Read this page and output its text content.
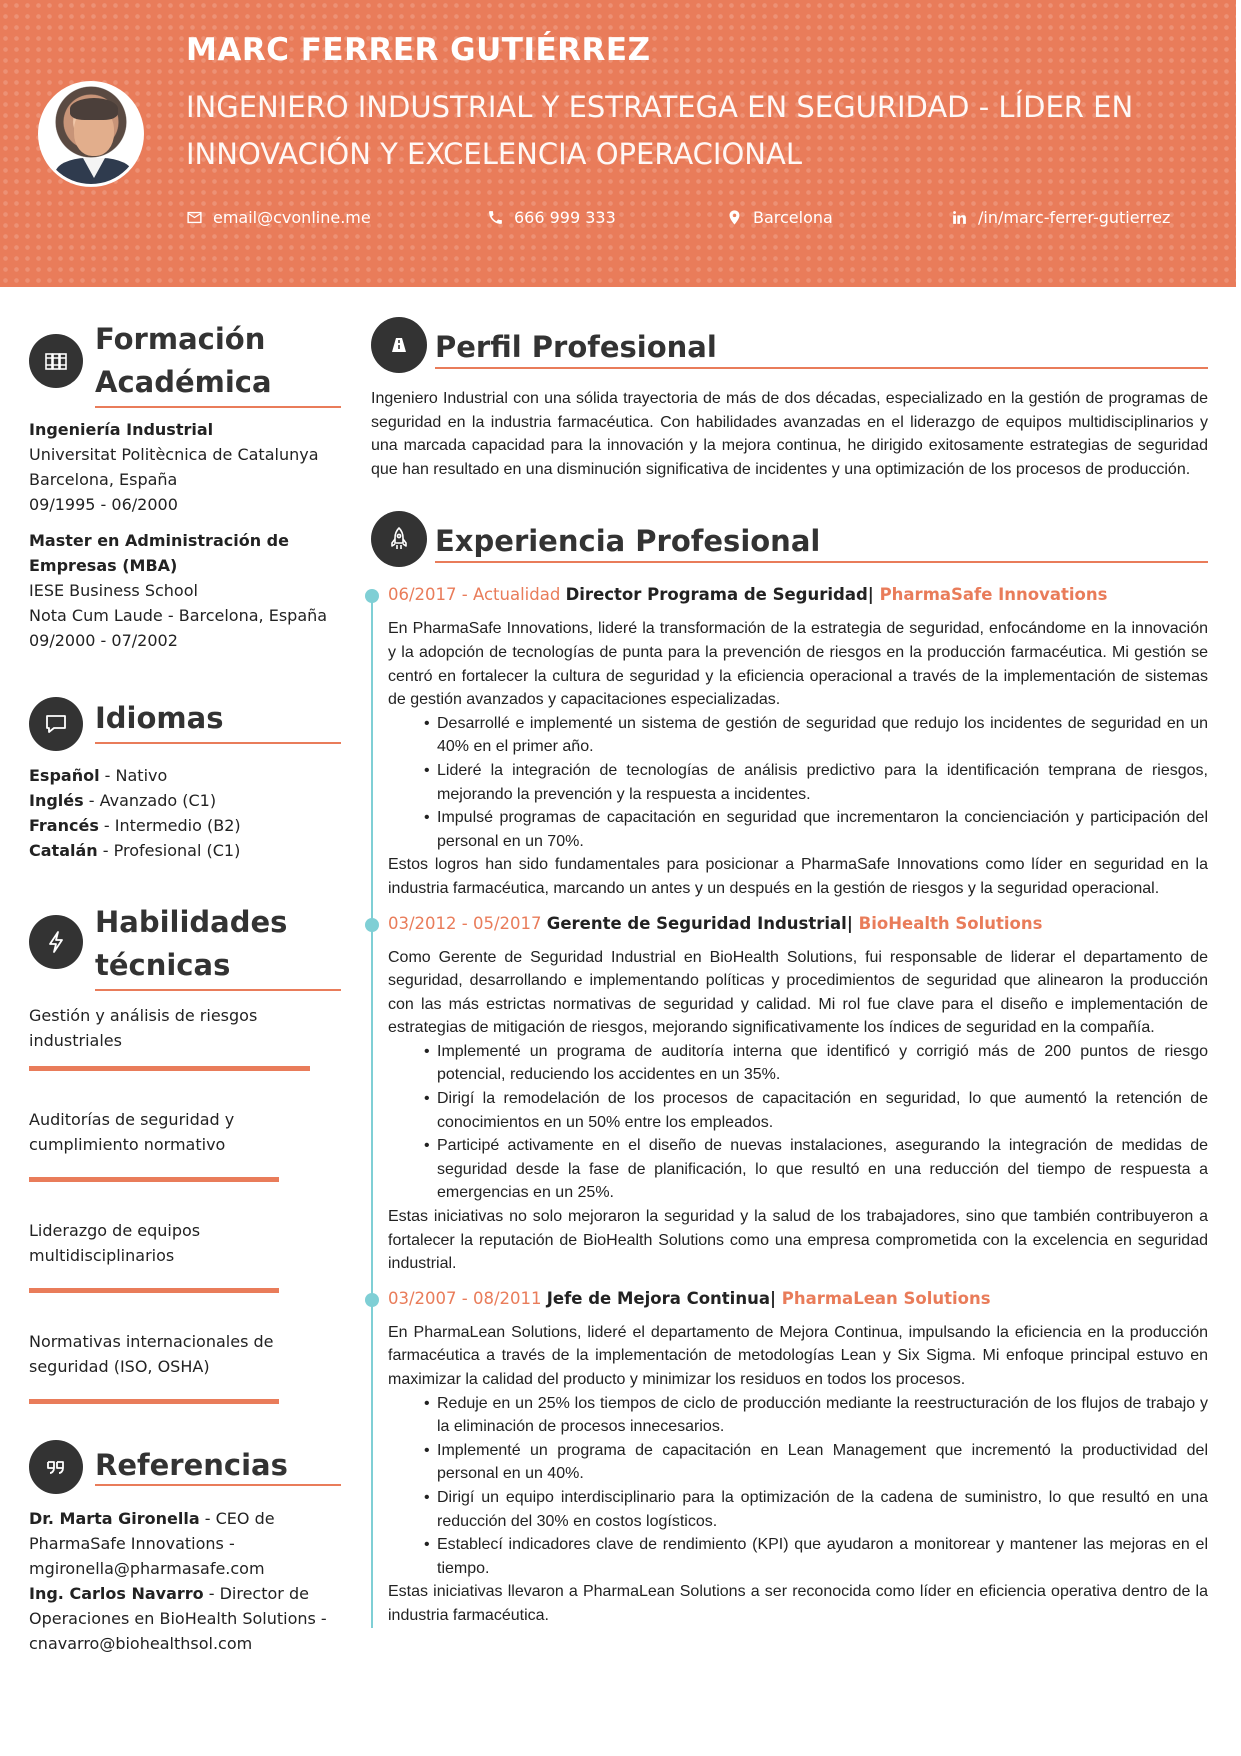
MARC FERRER GUTIÉRREZ
INGENIERO INDUSTRIAL Y ESTRATEGA EN SEGURIDAD - LÍDER EN INNOVACIÓN Y EXCELENCIA OPERACIONAL
email@cvonline.me	666 999 333	Barcelona	/in/marc-ferrer-gutierrez
Formación Académica
Ingeniería Industrial
Universitat Politècnica de Catalunya
Barcelona, España
09/1995 - 06/2000
Master en Administración de Empresas (MBA)
IESE Business School
Nota Cum Laude - Barcelona, España
09/2000 - 07/2002
Idiomas
Español - Nativo
Inglés - Avanzado (C1)
Francés - Intermedio (B2)
Catalán - Profesional (C1)
Habilidades
técnicas
Gestión y análisis de riesgos industriales
Auditorías de seguridad y cumplimiento normativo
Liderazgo de equipos multidisciplinarios
Normativas internacionales de seguridad (ISO, OSHA)
Referencias
Dr. Marta Gironella - CEO de PharmaSafe Innovations - mgironella@pharmasafe.com
Ing. Carlos Navarro - Director de Operaciones en BioHealth Solutions - cnavarro@biohealthsol.com
Perfil Profesional

Ingeniero Industrial con una sólida trayectoria de más de dos décadas, especializado en la gestión de programas de seguridad en la industria farmacéutica. Con habilidades avanzadas en el liderazgo de equipos multidisciplinarios y una marcada capacidad para la innovación y la mejora continua, he dirigido exitosamente estrategias de seguridad que han resultado en una disminución significativa de incidentes y una optimización de los procesos de producción.

Experiencia Profesional
06/2017 - Actualidad Director Programa de Seguridad| PharmaSafe Innovations

En PharmaSafe Innovations, lideré la transformación de la estrategia de seguridad, enfocándome en la innovación y la adopción de tecnologías de punta para la prevención de riesgos en la producción farmacéutica. Mi gestión se centró en fortalecer la cultura de seguridad y la eficiencia operacional a través de la implementación de sistemas de gestión avanzados y capacitaciones especializadas.

• Desarrollé e implementé un sistema de gestión de seguridad que redujo los incidentes de seguridad en un 40% en el primer año.
• Lideré la integración de tecnologías de análisis predictivo para la identificación temprana de riesgos, mejorando la prevención y la respuesta a incidentes.
• Impulsé programas de capacitación en seguridad que incrementaron la concienciación y participación del personal en un 70%.

Estos logros han sido fundamentales para posicionar a PharmaSafe Innovations como líder en seguridad en la industria farmacéutica, marcando un antes y un después en la gestión de riesgos y la seguridad operacional.

03/2012 - 05/2017 Gerente de Seguridad Industrial| BioHealth Solutions

Como Gerente de Seguridad Industrial en BioHealth Solutions, fui responsable de liderar el departamento de seguridad, desarrollando e implementando políticas y procedimientos de seguridad que alinearon la producción con las más estrictas normativas de seguridad y calidad. Mi rol fue clave para el diseño e implementación de estrategias de mitigación de riesgos, mejorando significativamente los índices de seguridad en la compañía.

• Implementé un programa de auditoría interna que identificó y corrigió más de 200 puntos de riesgo potencial, reduciendo los accidentes en un 35%.
• Dirigí la remodelación de los procesos de capacitación en seguridad, lo que aumentó la retención de conocimientos en un 50% entre los empleados.
• Participé activamente en el diseño de nuevas instalaciones, asegurando la integración de medidas de seguridad desde la fase de planificación, lo que resultó en una reducción del tiempo de respuesta a emergencias en un 25%.

Estas iniciativas no solo mejoraron la seguridad y la salud de los trabajadores, sino que también contribuyeron a fortalecer la reputación de BioHealth Solutions como una empresa comprometida con la excelencia en seguridad industrial.

03/2007 - 08/2011 Jefe de Mejora Continua| PharmaLean Solutions

En PharmaLean Solutions, lideré el departamento de Mejora Continua, impulsando la eficiencia en la producción farmacéutica a través de la implementación de metodologías Lean y Six Sigma. Mi enfoque principal estuvo en maximizar la calidad del producto y minimizar los residuos en todos los procesos.

• Reduje en un 25% los tiempos de ciclo de producción mediante la reestructuración de los flujos de trabajo y la eliminación de procesos innecesarios.
• Implementé un programa de capacitación en Lean Management que incrementó la productividad del personal en un 40%.
• Dirigí un equipo interdisciplinario para la optimización de la cadena de suministro, lo que resultó en una reducción del 30% en costos logísticos.
• Establecí indicadores clave de rendimiento (KPI) que ayudaron a monitorear y mantener las mejoras en el tiempo.

Estas iniciativas llevaron a PharmaLean Solutions a ser reconocida como líder en eficiencia operativa dentro de la industria farmacéutica.
